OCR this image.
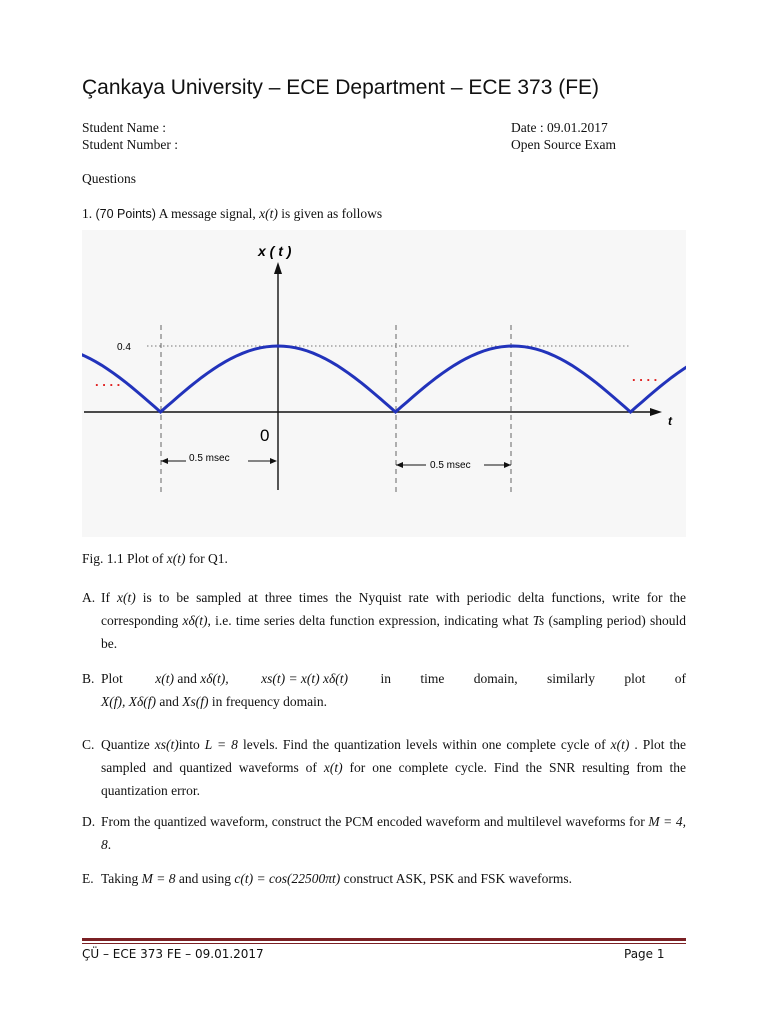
Çankaya University – ECE Department – ECE 373 (FE)
Student Name :
Student Number :
Date : 09.01.2017
Open Source Exam
Questions
1. (70 Points) A message signal, x(t) is given as follows
x ( t )
t
0
0.4
. . . .	. . . .
0.5 msec
0.5 msec
Fig. 1.1 Plot of x(t) for Q1.
A. If x(t) is to be sampled at three times the Nyquist rate with periodic delta functions, write for the corresponding xδ(t), i.e. time series delta function expression, indicating what Ts (sampling period) should be.
B. Plot x(t) and xδ(t), xs(t) = x(t) xδ(t) in time domain, similarly plot of
X(f), Xδ(f) and Xs(f) in frequency domain.
C. Quantize xs(t)into L = 8 levels. Find the quantization levels within one complete cycle of x(t) . Plot the sampled and quantized waveforms of x(t) for one complete cycle. Find the SNR resulting from the quantization error.
D. From the quantized waveform, construct the PCM encoded waveform and multilevel waveforms for M = 4, 8.
E. Taking M = 8 and using c(t) = cos(22500πt) construct ASK, PSK and FSK waveforms.
ÇÜ – ECE 373 FE – 09.01.2017	Page 1
